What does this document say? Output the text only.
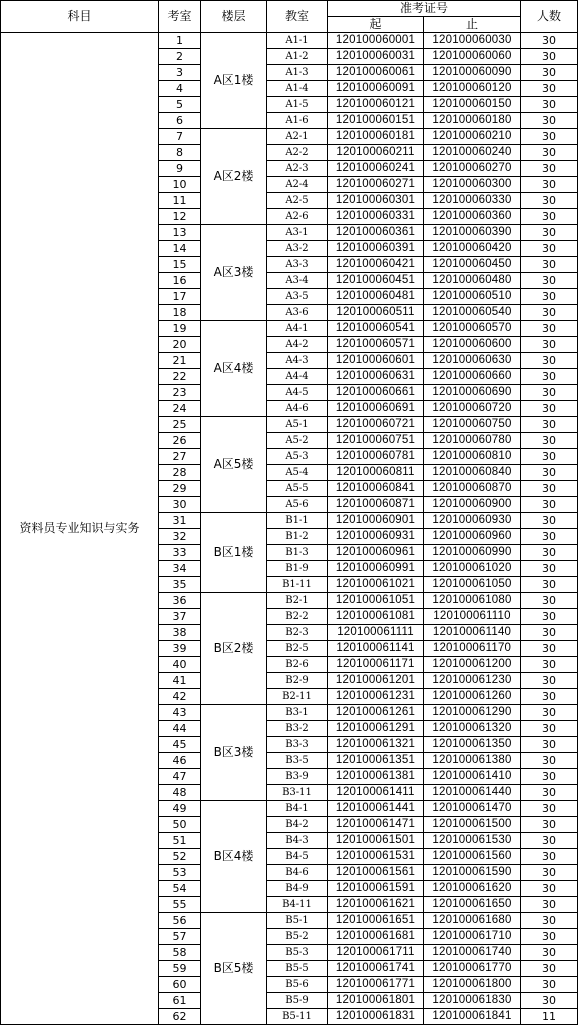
科目	考室	楼层	教室	准考证号		人数
				起	止	
资料员专业知识与实务	1	A区1楼	A1-1	120100060001	120100060030	30
	2		A1-2	120100060031	120100060060	30
	3		A1-3	120100060061	120100060090	30
	4		A1-4	120100060091	120100060120	30
	5		A1-5	120100060121	120100060150	30
	6		A1-6	120100060151	120100060180	30
	7	A区2楼	A2-1	120100060181	120100060210	30
	8		A2-2	120100060211	120100060240	30
	9		A2-3	120100060241	120100060270	30
	10		A2-4	120100060271	120100060300	30
	11		A2-5	120100060301	120100060330	30
	12		A2-6	120100060331	120100060360	30
	13	A区3楼	A3-1	120100060361	120100060390	30
	14		A3-2	120100060391	120100060420	30
	15		A3-3	120100060421	120100060450	30
	16		A3-4	120100060451	120100060480	30
	17		A3-5	120100060481	120100060510	30
	18		A3-6	120100060511	120100060540	30
	19	A区4楼	A4-1	120100060541	120100060570	30
	20		A4-2	120100060571	120100060600	30
	21		A4-3	120100060601	120100060630	30
	22		A4-4	120100060631	120100060660	30
	23		A4-5	120100060661	120100060690	30
	24		A4-6	120100060691	120100060720	30
	25	A区5楼	A5-1	120100060721	120100060750	30
	26		A5-2	120100060751	120100060780	30
	27		A5-3	120100060781	120100060810	30
	28		A5-4	120100060811	120100060840	30
	29		A5-5	120100060841	120100060870	30
	30		A5-6	120100060871	120100060900	30
	31	B区1楼	B1-1	120100060901	120100060930	30
	32		B1-2	120100060931	120100060960	30
	33		B1-3	120100060961	120100060990	30
	34		B1-9	120100060991	120100061020	30
	35		B1-11	120100061021	120100061050	30
	36	B区2楼	B2-1	120100061051	120100061080	30
	37		B2-2	120100061081	120100061110	30
	38		B2-3	120100061111	120100061140	30
	39		B2-5	120100061141	120100061170	30
	40		B2-6	120100061171	120100061200	30
	41		B2-9	120100061201	120100061230	30
	42		B2-11	120100061231	120100061260	30
	43	B区3楼	B3-1	120100061261	120100061290	30
	44		B3-2	120100061291	120100061320	30
	45		B3-3	120100061321	120100061350	30
	46		B3-5	120100061351	120100061380	30
	47		B3-9	120100061381	120100061410	30
	48		B3-11	120100061411	120100061440	30
	49	B区4楼	B4-1	120100061441	120100061470	30
	50		B4-2	120100061471	120100061500	30
	51		B4-3	120100061501	120100061530	30
	52		B4-5	120100061531	120100061560	30
	53		B4-6	120100061561	120100061590	30
	54		B4-9	120100061591	120100061620	30
	55		B4-11	120100061621	120100061650	30
	56	B区5楼	B5-1	120100061651	120100061680	30
	57		B5-2	120100061681	120100061710	30
	58		B5-3	120100061711	120100061740	30
	59		B5-5	120100061741	120100061770	30
	60		B5-6	120100061771	120100061800	30
	61		B5-9	120100061801	120100061830	30
	62		B5-11	120100061831	120100061841	11
